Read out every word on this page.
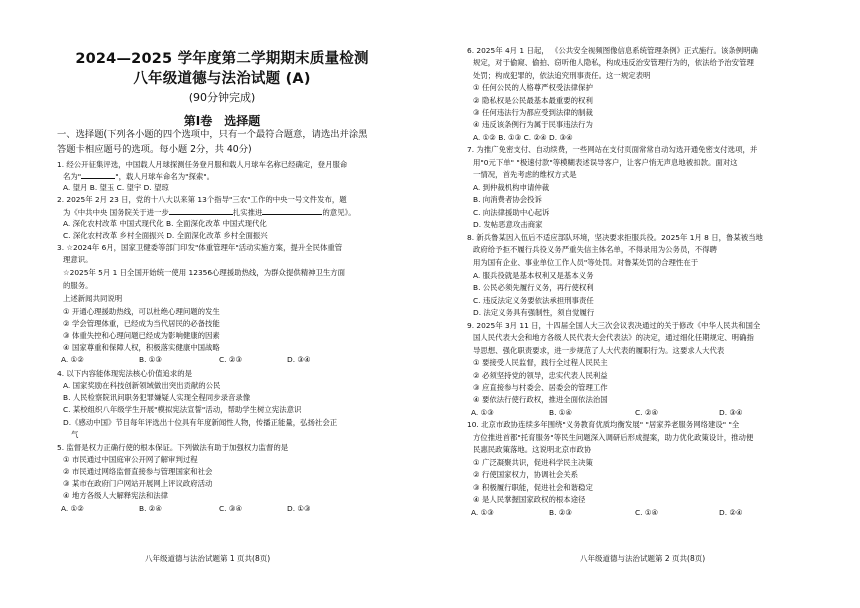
2024—2025 学年度第二学期期末质量检测
八年级道德与法治试题 (A)
(90分钟完成)
第Ⅰ卷　选择题
一、选择题(下列各小题的四个选项中，只有一个最符合题意，请选出并涂黑
答题卡相应题号的选项。每小题 2分，共 40分)
1. 经公开征集评选，中国载人月球探测任务登月服和载人月球车名称已经确定，登月服命
名为"	"，载人月球车命名为"探索"。
A. 望月 B. 望玉 C. 望宇 D. 望琼
2. 2025年 2月 23 日，党的十八大以来第 13个指导"三农"工作的中央一号文件发布，题
为《中共中央 国务院关于进一步	扎实推进	的意见》。
A. 深化农村改革 中国式现代化 B. 全面深化改革 中国式现代化
C. 深化农村改革 乡村全面振兴 D. 全面深化改革 乡村全面振兴
3. ☆2024年 6月，国家卫健委等部门印发"体重管理年"活动实施方案，提升全民体重管
理意识。
☆2025年 5月 1 日全国开始统一使用 12356心理援助热线，为群众提供精神卫生方面
的服务。
上述新闻共同说明
① 开通心理援助热线，可以杜绝心理问题的发生
② 学会管理体重，已经成为当代居民的必备技能
③ 体重失控和心理问题已经成为影响健康的因素
④ 国家尊重和保障人权，积极落实健康中国战略
A. ①②	B. ①③	C. ②③	D. ③④
4. 以下内容能体现宪法核心价值追求的是
A. 国家奖励在科技创新领域做出突出贡献的公民
B. 人民检察院讯问职务犯罪嫌疑人实现全程同步录音录像
C. 某校组织八年级学生开展"模拟宪法宣誓"活动，帮助学生树立宪法意识
D.《感动中国》节目每年评选出十位具有年度新闻性人物，传播正能量，弘扬社会正
气
5. 监督是权力正确行使的根本保证。下列做法有助于加强权力监督的是
① 市民通过中国庭审公开网了解审判过程
② 市民通过网络监督直接参与管理国家和社会
③ 某市在政府门户网站开展网上评议政府活动
④ 地方各级人大解释宪法和法律
A. ①②	B. ②④	C. ③④	D. ①③
八年级道德与法治试题第 1 页共(8页)
6. 2025年 4月 1 日起， 《公共安全视频图像信息系统管理条例》正式施行。该条例明确
规定，对于偷窥、偷拍、窃听他人隐私，构成违反治安管理行为的，依法给予治安管理
处罚；构成犯罪的，依法追究刑事责任。这一规定表明
① 任何公民的人格尊严权受法律保护
② 隐私权是公民最基本最重要的权利
③ 任何违法行为都应受到法律的制裁
④ 违反该条例行为属于民事违法行为
A. ①② B. ①③ C. ②④ D. ③④
7. 为推广免密支付、自动续费，一些网站在支付页面常常自动勾选开通免密支付选项，并
用"0元下单" "极速付款"等模糊表述误导客户，让客户悄无声息地被扣款。面对这
一情况，首先考虑的维权方式是
A. 到仲裁机构申请仲裁
B. 向消费者协会投诉
C. 向法律援助中心起诉
D. 发帖恶意攻击商家
8. 新兵鲁某因入伍后不适应部队环境，坚决要求拒服兵役。2025年 1月 8 日，鲁某被当地
政府给予拒不履行兵役义务严重失信主体名单，不得录用为公务员，不得聘
用为国有企业、事业单位工作人员"等处罚。对鲁某处罚的合理性在于
A. 服兵役就是基本权利又是基本义务
B. 公民必须先履行义务，再行使权利
C. 违反法定义务要依法承担刑事责任
D. 法定义务具有强制性，须自觉履行
9. 2025年 3月 11 日，十四届全国人大三次会议表决通过的关于修改《中华人民共和国全
国人民代表大会和地方各级人民代表大会代表法》的决定，通过细化任期规定、明确指
导思想、强化职责要求，进一步规范了人大代表的履职行为。这要求人大代表
① 要接受人民监督，践行全过程人民民主
② 必须坚持党的领导，忠实代表人民利益
③ 应直接参与村委会、居委会的管理工作
④ 要依法行使行政权，推进全面依法治国
A. ①③	B. ①④	C. ②④	D. ③④
10. 北京市政协连续多年围绕"义务教育优质均衡发展" "居家养老服务网络建设" "全
方位推进首都"托育服务"等民生问题深入调研后形成提案，助力优化政策设计，推动便
民惠民政策落地。这说明北京市政协
① 广泛凝聚共识，促进科学民主决策
② 行使国家权力，协调社会关系
③ 积极履行职能，促进社会和谐稳定
④ 是人民掌握国家政权的根本途径
A. ①③	B. ②③	C. ①④	D. ②④
八年级道德与法治试题第 2 页共(8页)
